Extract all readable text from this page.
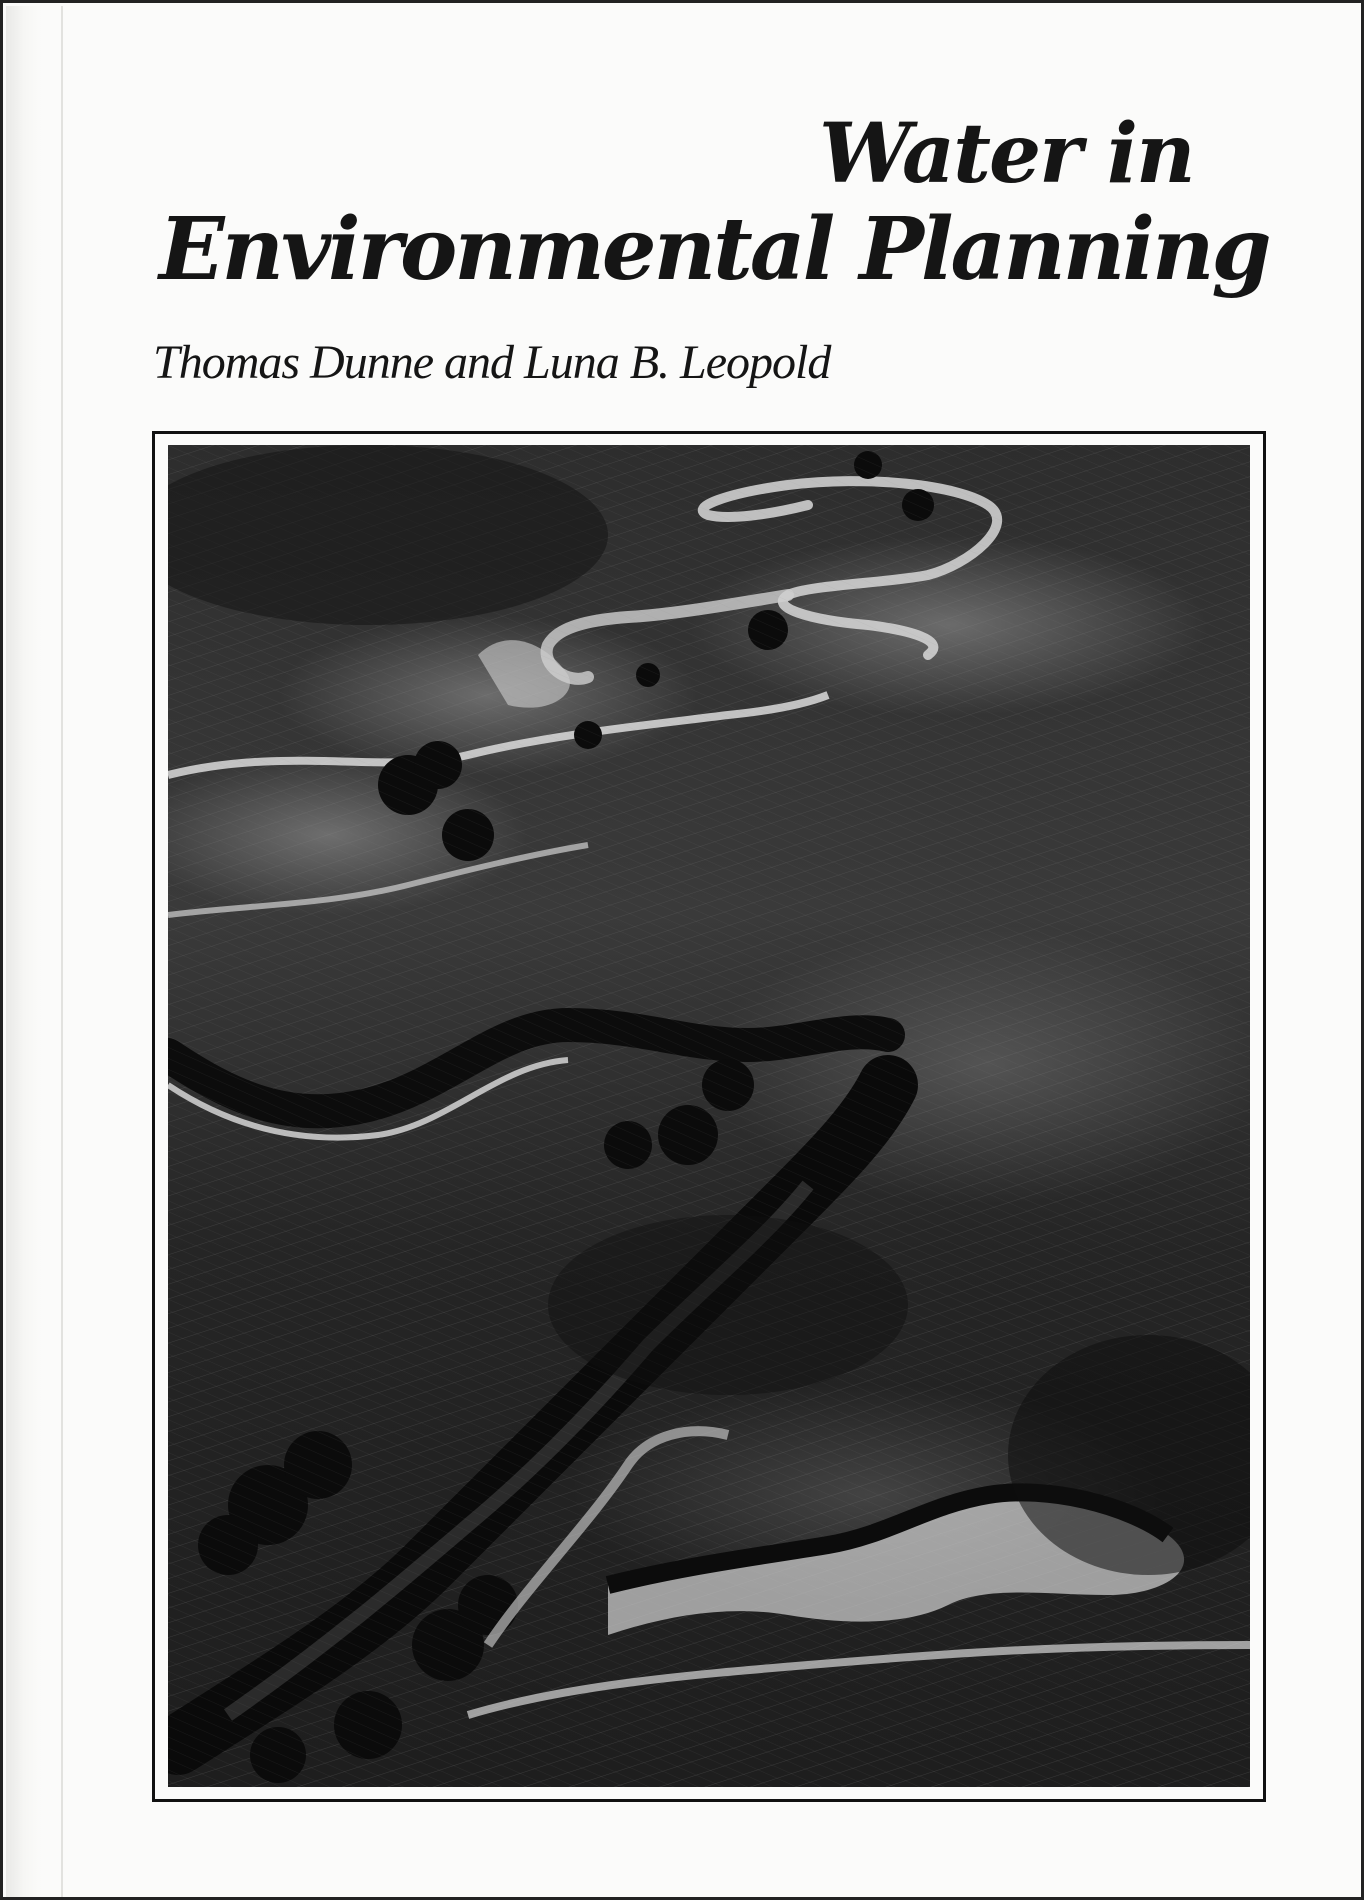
Water in
Environmental Planning

Thomas Dunne and Luna B. Leopold
